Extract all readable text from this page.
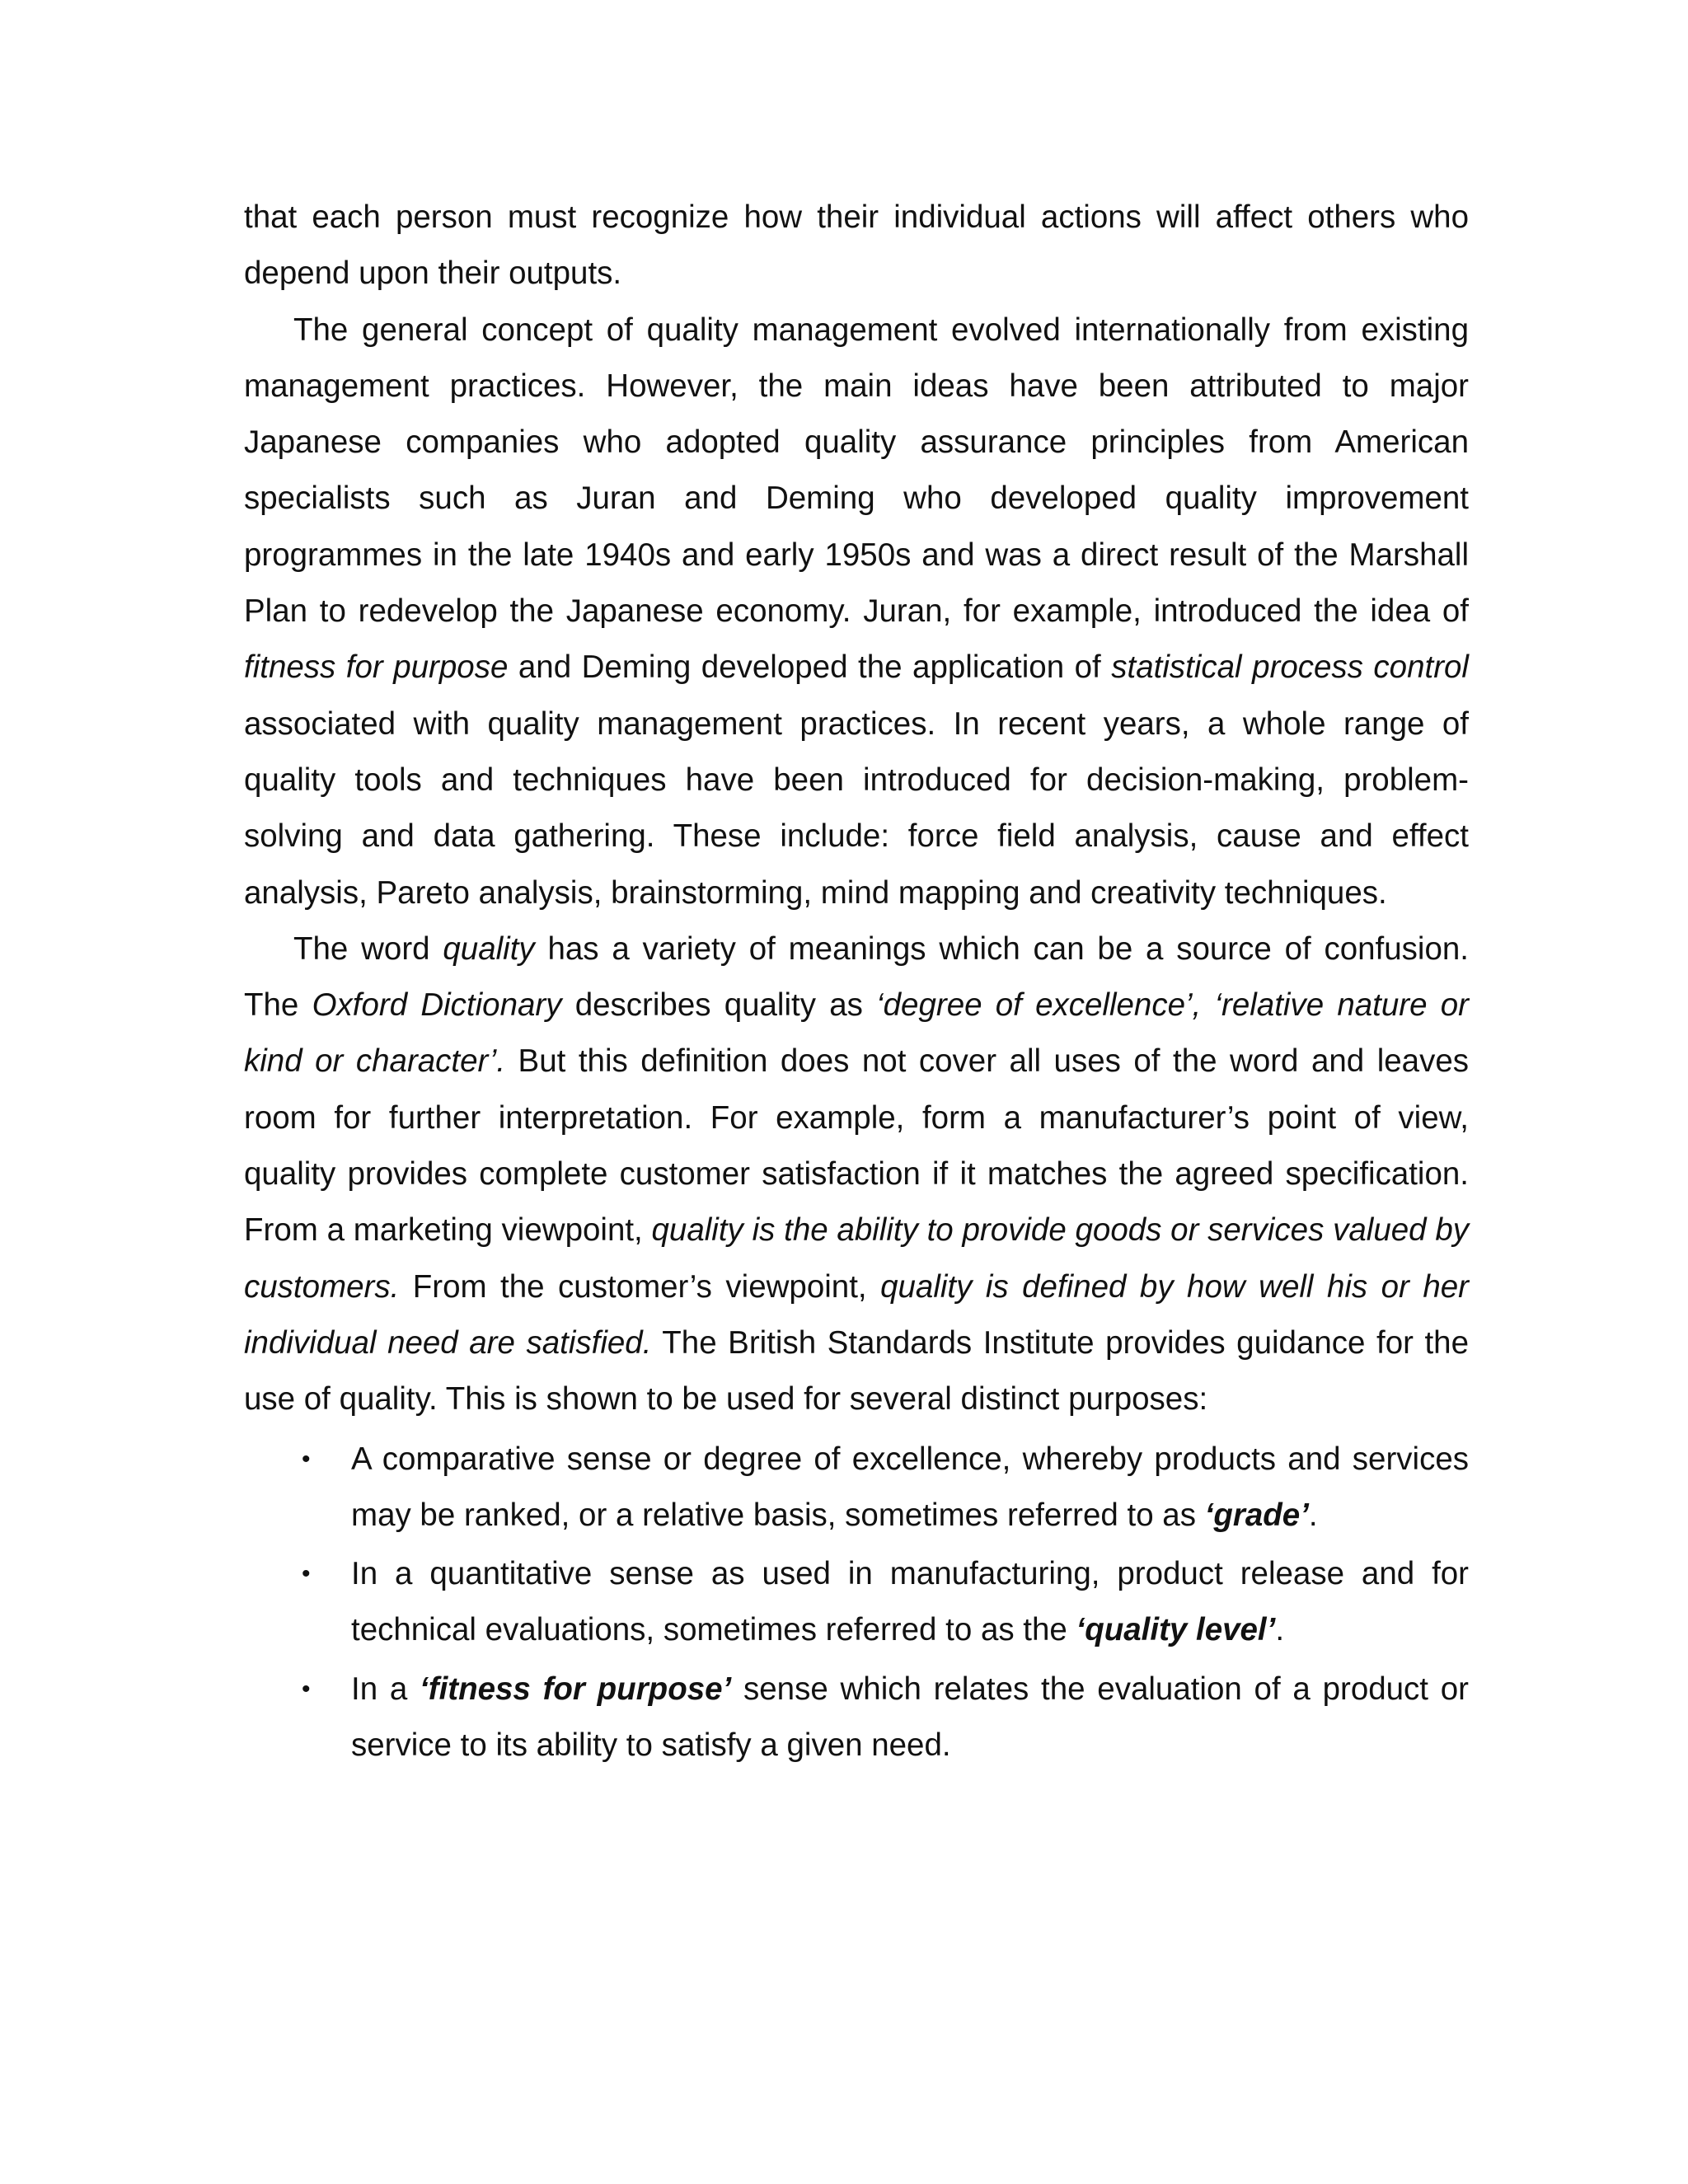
that each person must recognize how their individual actions will affect others who depend upon their outputs.

The general concept of quality management evolved internationally from existing management practices. However, the main ideas have been attributed to major Japanese companies who adopted quality assurance principles from American specialists such as Juran and Deming who developed quality improvement programmes in the late 1940s and early 1950s and was a direct result of the Marshall Plan to redevelop the Japanese economy. Juran, for example, introduced the idea of fitness for purpose and Deming developed the application of statistical process control associated with quality management practices. In recent years, a whole range of quality tools and techniques have been introduced for decision-making, problem-solving and data gathering. These include: force field analysis, cause and effect analysis, Pareto analysis, brainstorming, mind mapping and creativity techniques.

The word quality has a variety of meanings which can be a source of confusion. The Oxford Dictionary describes quality as ‘degree of excellence’, ‘relative nature or kind or character’. But this definition does not cover all uses of the word and leaves room for further interpretation. For example, form a manufacturer’s point of view, quality provides complete customer satisfaction if it matches the agreed specification. From a marketing viewpoint, quality is the ability to provide goods or services valued by customers. From the customer’s viewpoint, quality is defined by how well his or her individual need are satisfied. The British Standards Institute provides guidance for the use of quality. This is shown to be used for several distinct purposes:

• A comparative sense or degree of excellence, whereby products and services may be ranked, or a relative basis, sometimes referred to as ‘grade’.
• In a quantitative sense as used in manufacturing, product release and for technical evaluations, sometimes referred to as the ‘quality level’.
• In a ‘fitness for purpose’ sense which relates the evaluation of a product or service to its ability to satisfy a given need.
